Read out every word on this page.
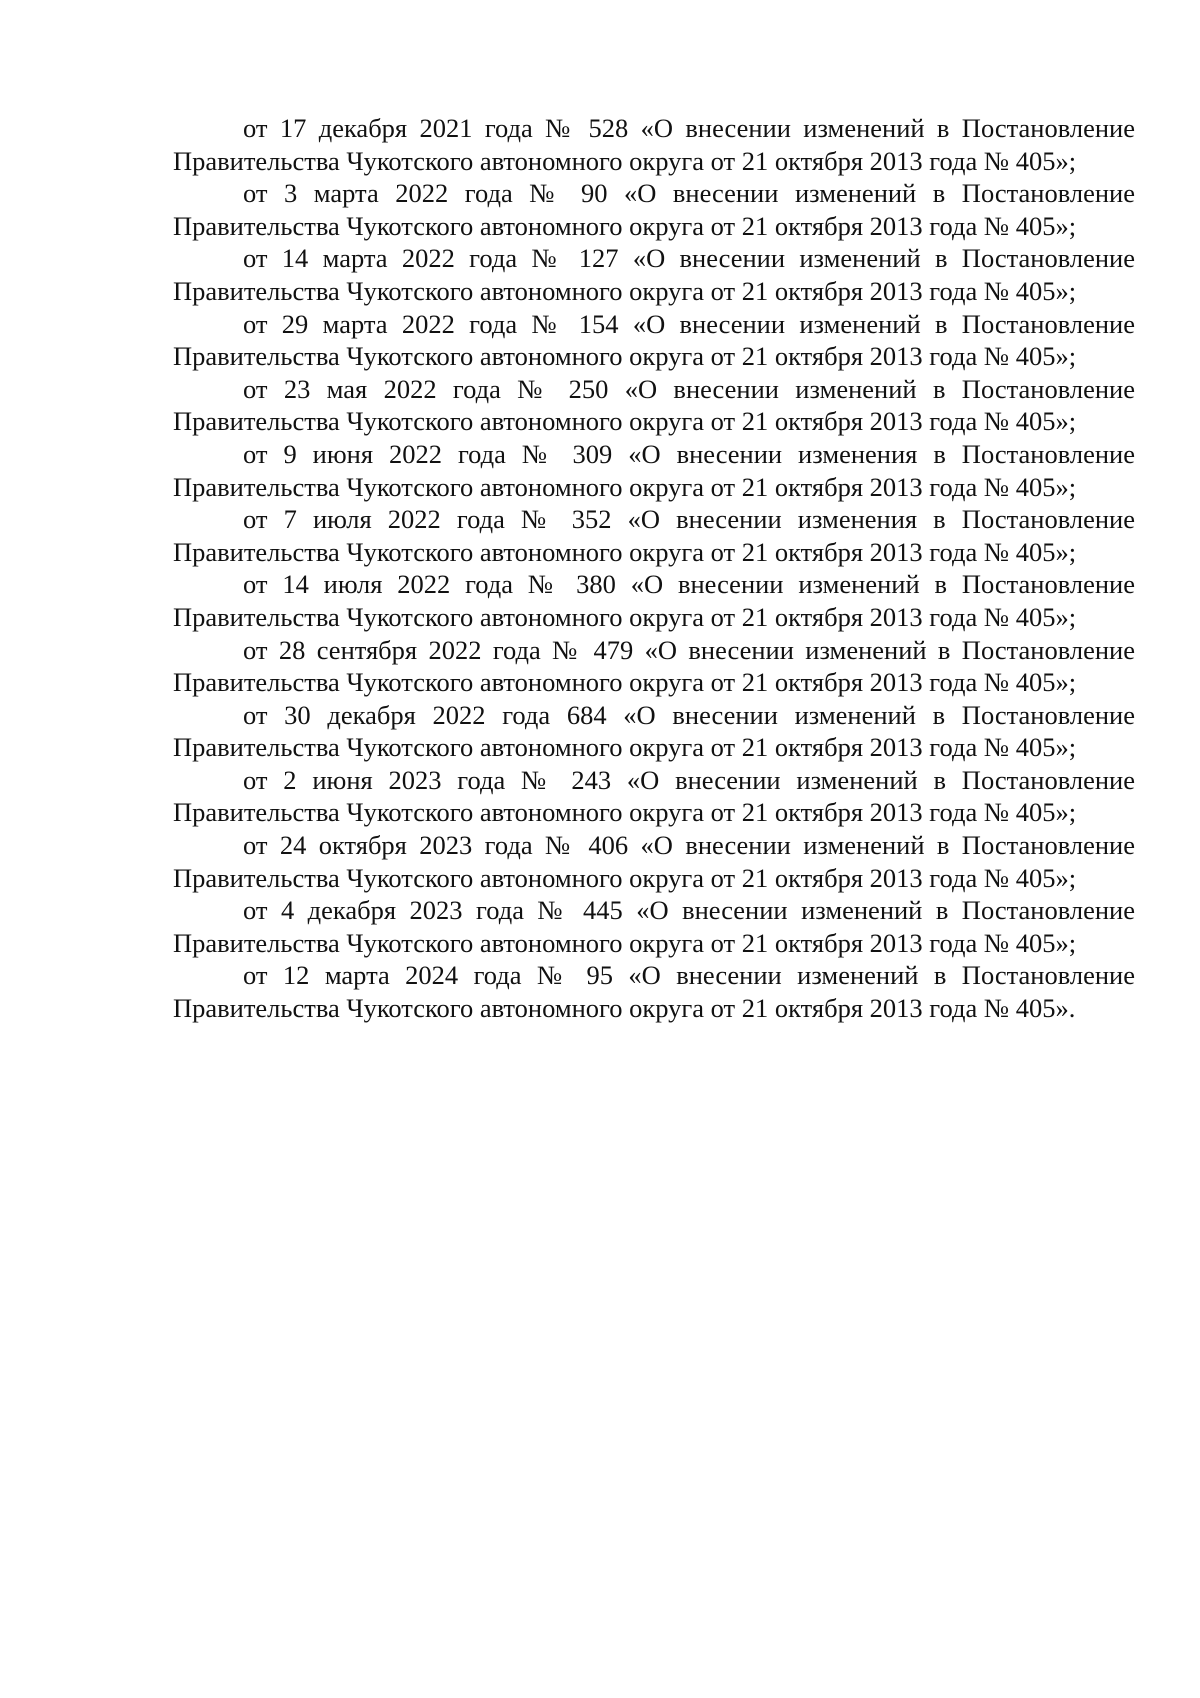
от 17 декабря 2021 года № 528 «О внесении изменений в Постановление Правительства Чукотского автономного округа от 21 октября 2013 года № 405»;

от 3 марта 2022 года № 90 «О внесении изменений в Постановление Правительства Чукотского автономного округа от 21 октября 2013 года № 405»;

от 14 марта 2022 года № 127 «О внесении изменений в Постановление Правительства Чукотского автономного округа от 21 октября 2013 года № 405»;

от 29 марта 2022 года № 154 «О внесении изменений в Постановление Правительства Чукотского автономного округа от 21 октября 2013 года № 405»;

от 23 мая 2022 года № 250 «О внесении изменений в Постановление Правительства Чукотского автономного округа от 21 октября 2013 года № 405»;

от 9 июня 2022 года № 309 «О внесении изменения в Постановление Правительства Чукотского автономного округа от 21 октября 2013 года № 405»;

от 7 июля 2022 года № 352 «О внесении изменения в Постановление Правительства Чукотского автономного округа от 21 октября 2013 года № 405»;

от 14 июля 2022 года № 380 «О внесении изменений в Постановление Правительства Чукотского автономного округа от 21 октября 2013 года № 405»;

от 28 сентября 2022 года № 479 «О внесении изменений в Постановление Правительства Чукотского автономного округа от 21 октября 2013 года № 405»;

от 30 декабря 2022 года 684 «О внесении изменений в Постановление Правительства Чукотского автономного округа от 21 октября 2013 года № 405»;

от 2 июня 2023 года № 243 «О внесении изменений в Постановление Правительства Чукотского автономного округа от 21 октября 2013 года № 405»;

от 24 октября 2023 года № 406 «О внесении изменений в Постановление Правительства Чукотского автономного округа от 21 октября 2013 года № 405»;

от 4 декабря 2023 года № 445 «О внесении изменений в Постановление Правительства Чукотского автономного округа от 21 октября 2013 года № 405»;

от 12 марта 2024 года № 95 «О внесении изменений в Постановление Правительства Чукотского автономного округа от 21 октября 2013 года № 405».
